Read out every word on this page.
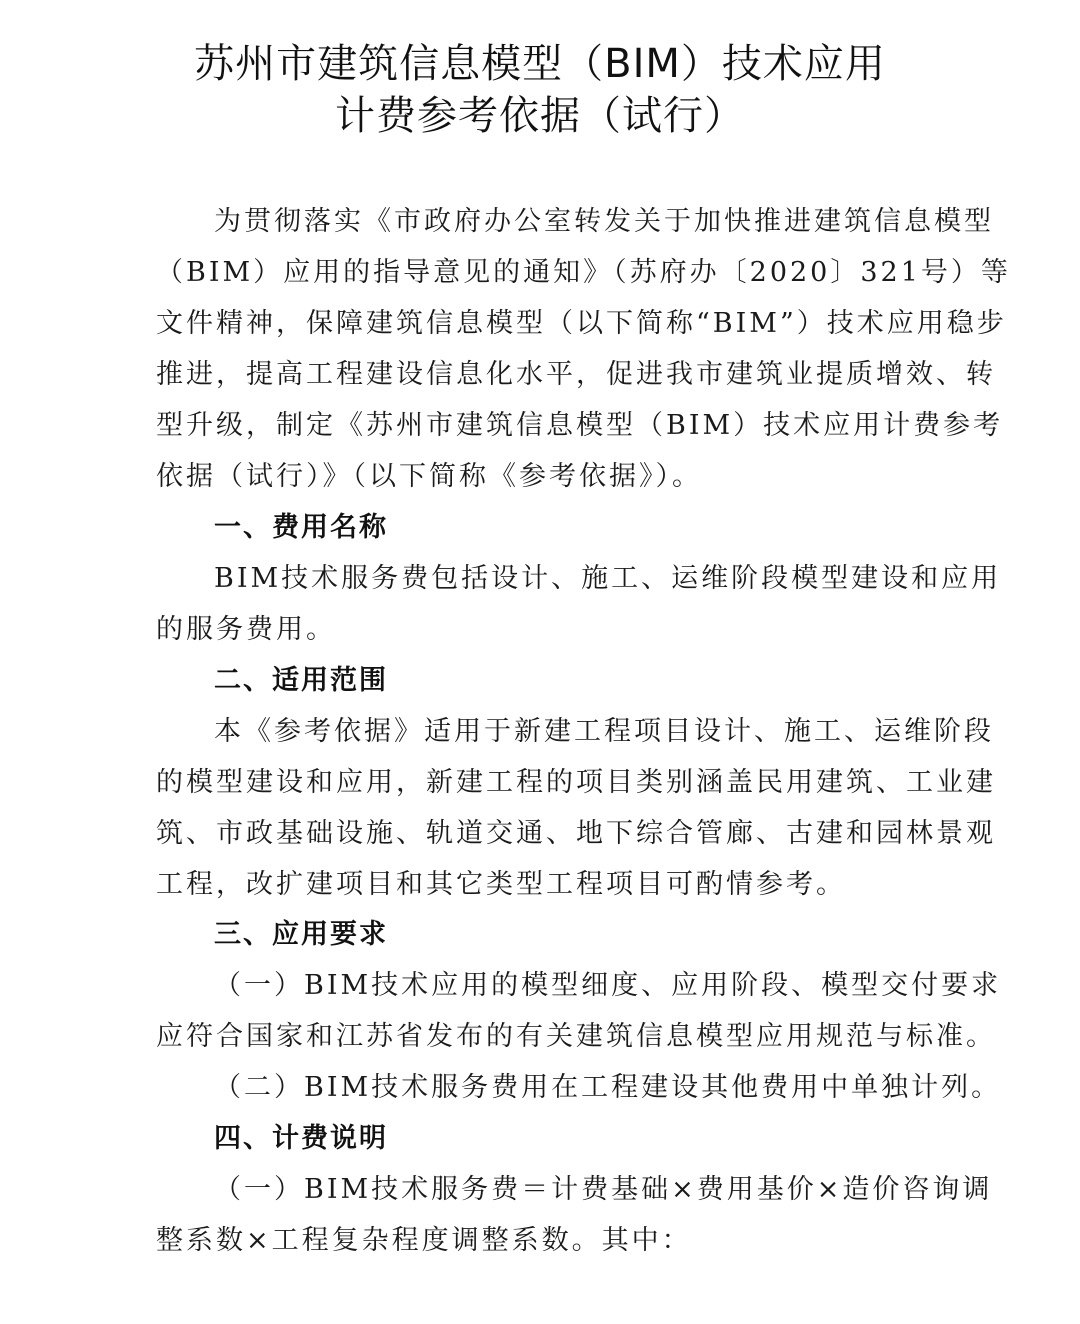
苏州市建筑信息模型（BIM）技术应用
计费参考依据（试行）
为贯彻落实《市政府办公室转发关于加快推进建筑信息模型
（BIM）应用的指导意见的通知》（苏府办〔2020〕321号）等
文件精神，保障建筑信息模型（以下简称“BIM”）技术应用稳步
推进，提高工程建设信息化水平，促进我市建筑业提质增效、转
型升级，制定《苏州市建筑信息模型（BIM）技术应用计费参考
依据（试行）》（以下简称《参考依据》）。
一、费用名称
BIM技术服务费包括设计、施工、运维阶段模型建设和应用
的服务费用。
二、适用范围
本《参考依据》适用于新建工程项目设计、施工、运维阶段
的模型建设和应用，新建工程的项目类别涵盖民用建筑、工业建
筑、市政基础设施、轨道交通、地下综合管廊、古建和园林景观
工程，改扩建项目和其它类型工程项目可酌情参考。
三、应用要求
（一）BIM技术应用的模型细度、应用阶段、模型交付要求
应符合国家和江苏省发布的有关建筑信息模型应用规范与标准。
（二）BIM技术服务费用在工程建设其他费用中单独计列。
四、计费说明
（一）BIM技术服务费＝计费基础×费用基价×造价咨询调
整系数×工程复杂程度调整系数。其中：
